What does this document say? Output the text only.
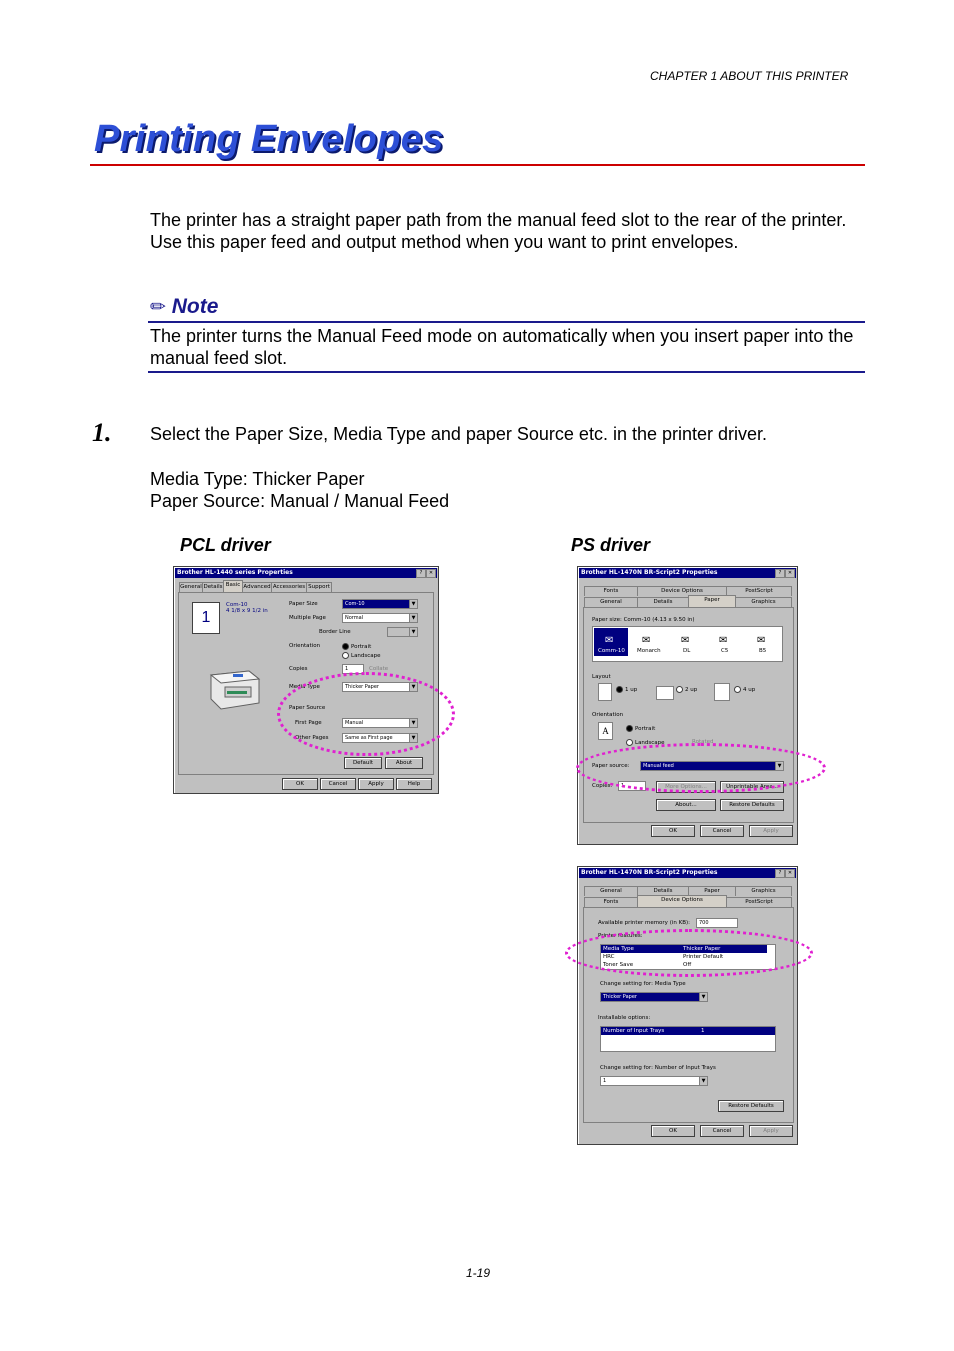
CHAPTER 1 ABOUT THIS PRINTER
Printing Envelopes
The printer has a straight paper path from the manual feed slot to the rear of the printer. Use this paper feed and output method when you want to print envelopes.
✏ Note
The printer turns the Manual Feed mode on automatically when you insert paper into the manual feed slot.
1. Select the Paper Size, Media Type and paper Source etc. in the printer driver.
Media Type: Thicker Paper
Paper Source: Manual / Manual Feed
PCL driver	PS driver
Brother HL-1440 series Properties	?	✕
General Details Basic Advanced Accessories Support
1
Com-10
4 1/8 x 9 1/2 in
Paper Size	Com-10	▼
Multiple Page	Normal	▼
Border Line	▼
Orientation	Portrait
Landscape
Copies	1	Collate
Media Type	Thicker Paper	▼
Paper Source
First Page	Manual	▼
Other Pages	Same as First page	▼
Default	About
OK	Cancel	Apply	Help
Brother HL-1470N BR-Script2 Properties	?	✕
Fonts	Device Options	PostScript
General	Details	Paper	Graphics
Paper size: Comm-10 (4.13 x 9.50 in)
✉
Comm-10
✉
Monarch
✉
DL
✉
C5
✉
B5
Layout
1 up	2 up	4 up
Orientation
A	Portrait
Landscape	Rotated
Paper source:	Manual feed	▼
Copies:	1	More Options...	Unprintable Area...
About...	Restore Defaults
OK	Cancel	Apply
Brother HL-1470N BR-Script2 Properties	?	✕
General	Details	Paper	Graphics
Fonts	Device Options	PostScript
Available printer memory (in KB):	700
Printer features:
Media Type	Thicker Paper
HRC	Printer Default
Toner Save	Off
Change setting for: Media Type
Thicker Paper	▼
Installable options:
Number of Input Trays	1
Change setting for: Number of Input Trays
1	▼
Restore Defaults
OK	Cancel	Apply
1-19
